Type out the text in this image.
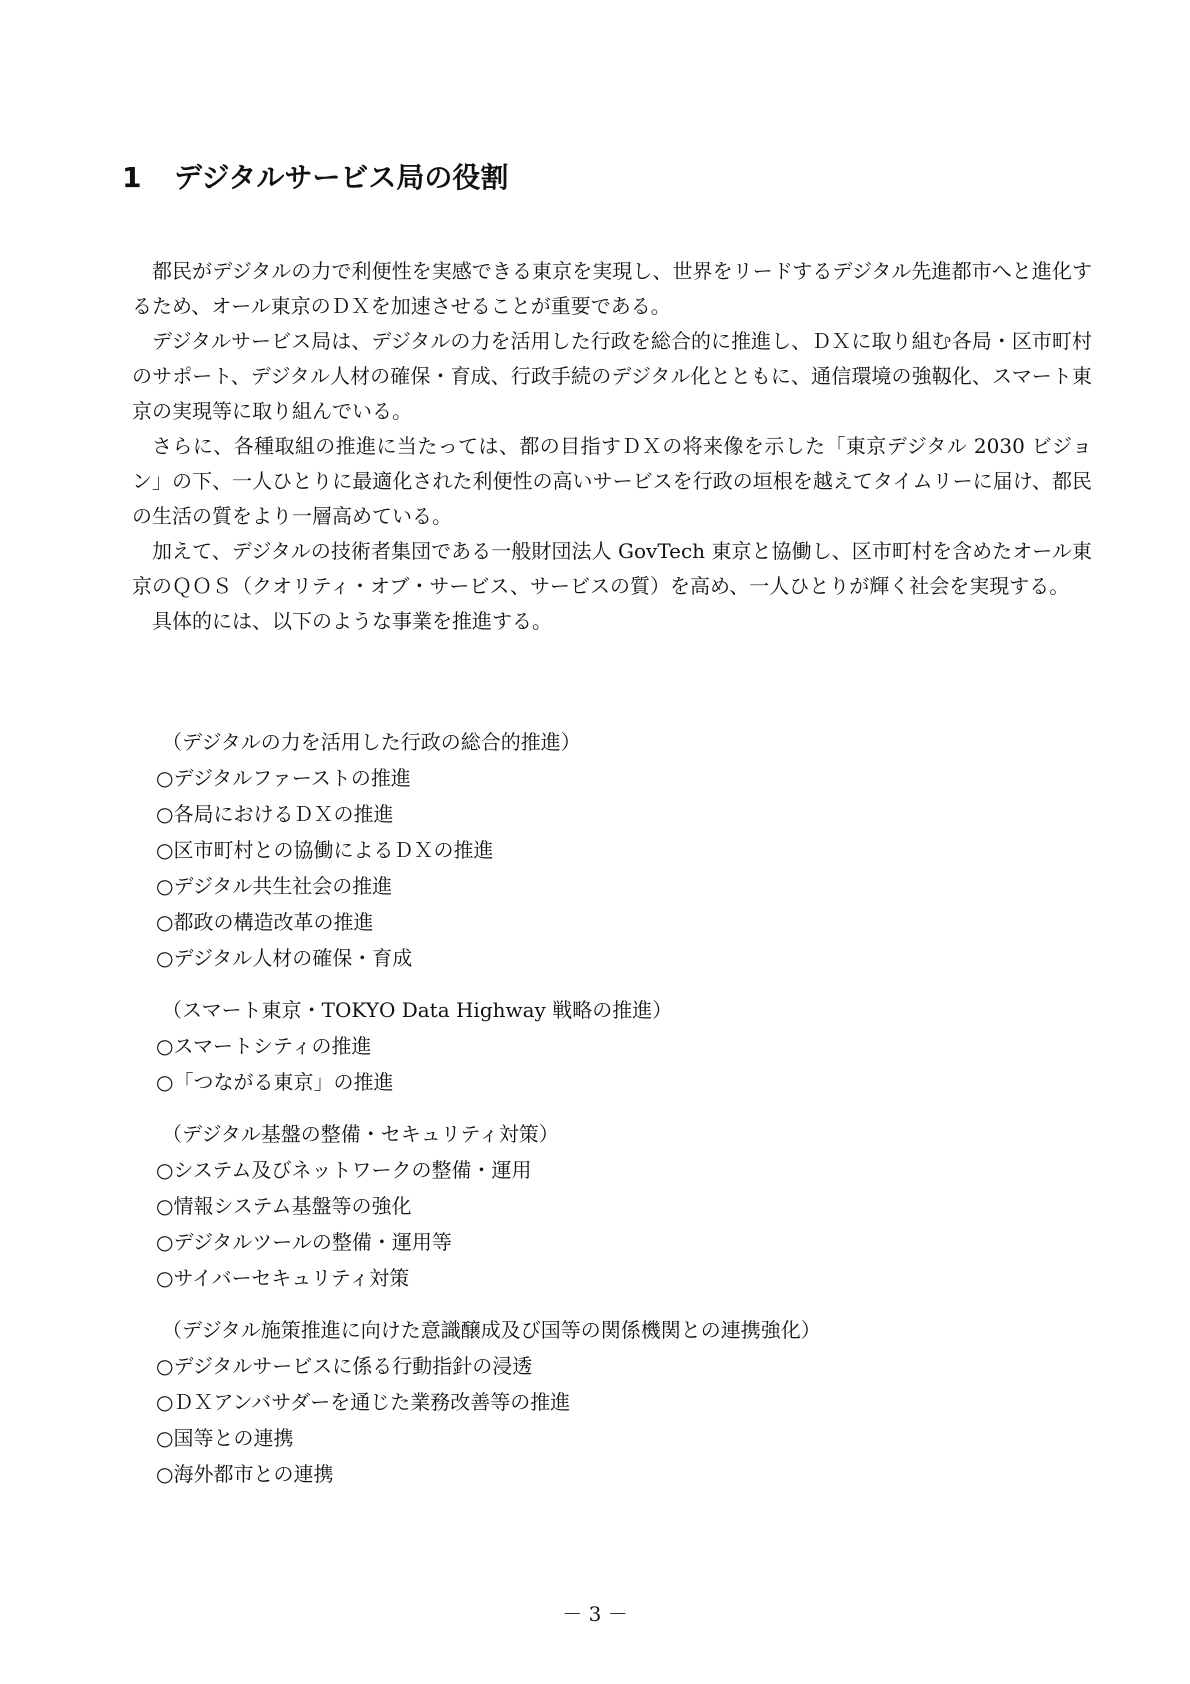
1 デジタルサービス局の役割

都民がデジタルの力で利便性を実感できる東京を実現し、世界をリードするデジタル先進都市へと進化するため、オール東京のＤＸを加速させることが重要である。

デジタルサービス局は、デジタルの力を活用した行政を総合的に推進し、ＤＸに取り組む各局・区市町村のサポート、デジタル人材の確保・育成、行政手続のデジタル化とともに、通信環境の強靱化、スマート東京の実現等に取り組んでいる。

さらに、各種取組の推進に当たっては、都の目指すＤＸの将来像を示した「東京デジタル 2030 ビジョン」の下、一人ひとりに最適化された利便性の高いサービスを行政の垣根を越えてタイムリーに届け、都民の生活の質をより一層高めている。

加えて、デジタルの技術者集団である一般財団法人 GovTech 東京と協働し、区市町村を含めたオール東京のＱＯＳ（クオリティ・オブ・サービス、サービスの質）を高め、一人ひとりが輝く社会を実現する。

具体的には、以下のような事業を推進する。

（デジタルの力を活用した行政の総合的推進）
○デジタルファーストの推進
○各局におけるＤＸの推進
○区市町村との協働によるＤＸの推進
○デジタル共生社会の推進
○都政の構造改革の推進
○デジタル人材の確保・育成
（スマート東京・TOKYO Data Highway 戦略の推進）
○スマートシティの推進
○「つながる東京」の推進
（デジタル基盤の整備・セキュリティ対策）
○システム及びネットワークの整備・運用
○情報システム基盤等の強化
○デジタルツールの整備・運用等
○サイバーセキュリティ対策
（デジタル施策推進に向けた意識醸成及び国等の関係機関との連携強化）
○デジタルサービスに係る行動指針の浸透
○ＤＸアンバサダーを通じた業務改善等の推進
○国等との連携
○海外都市との連携
－ 3 －
